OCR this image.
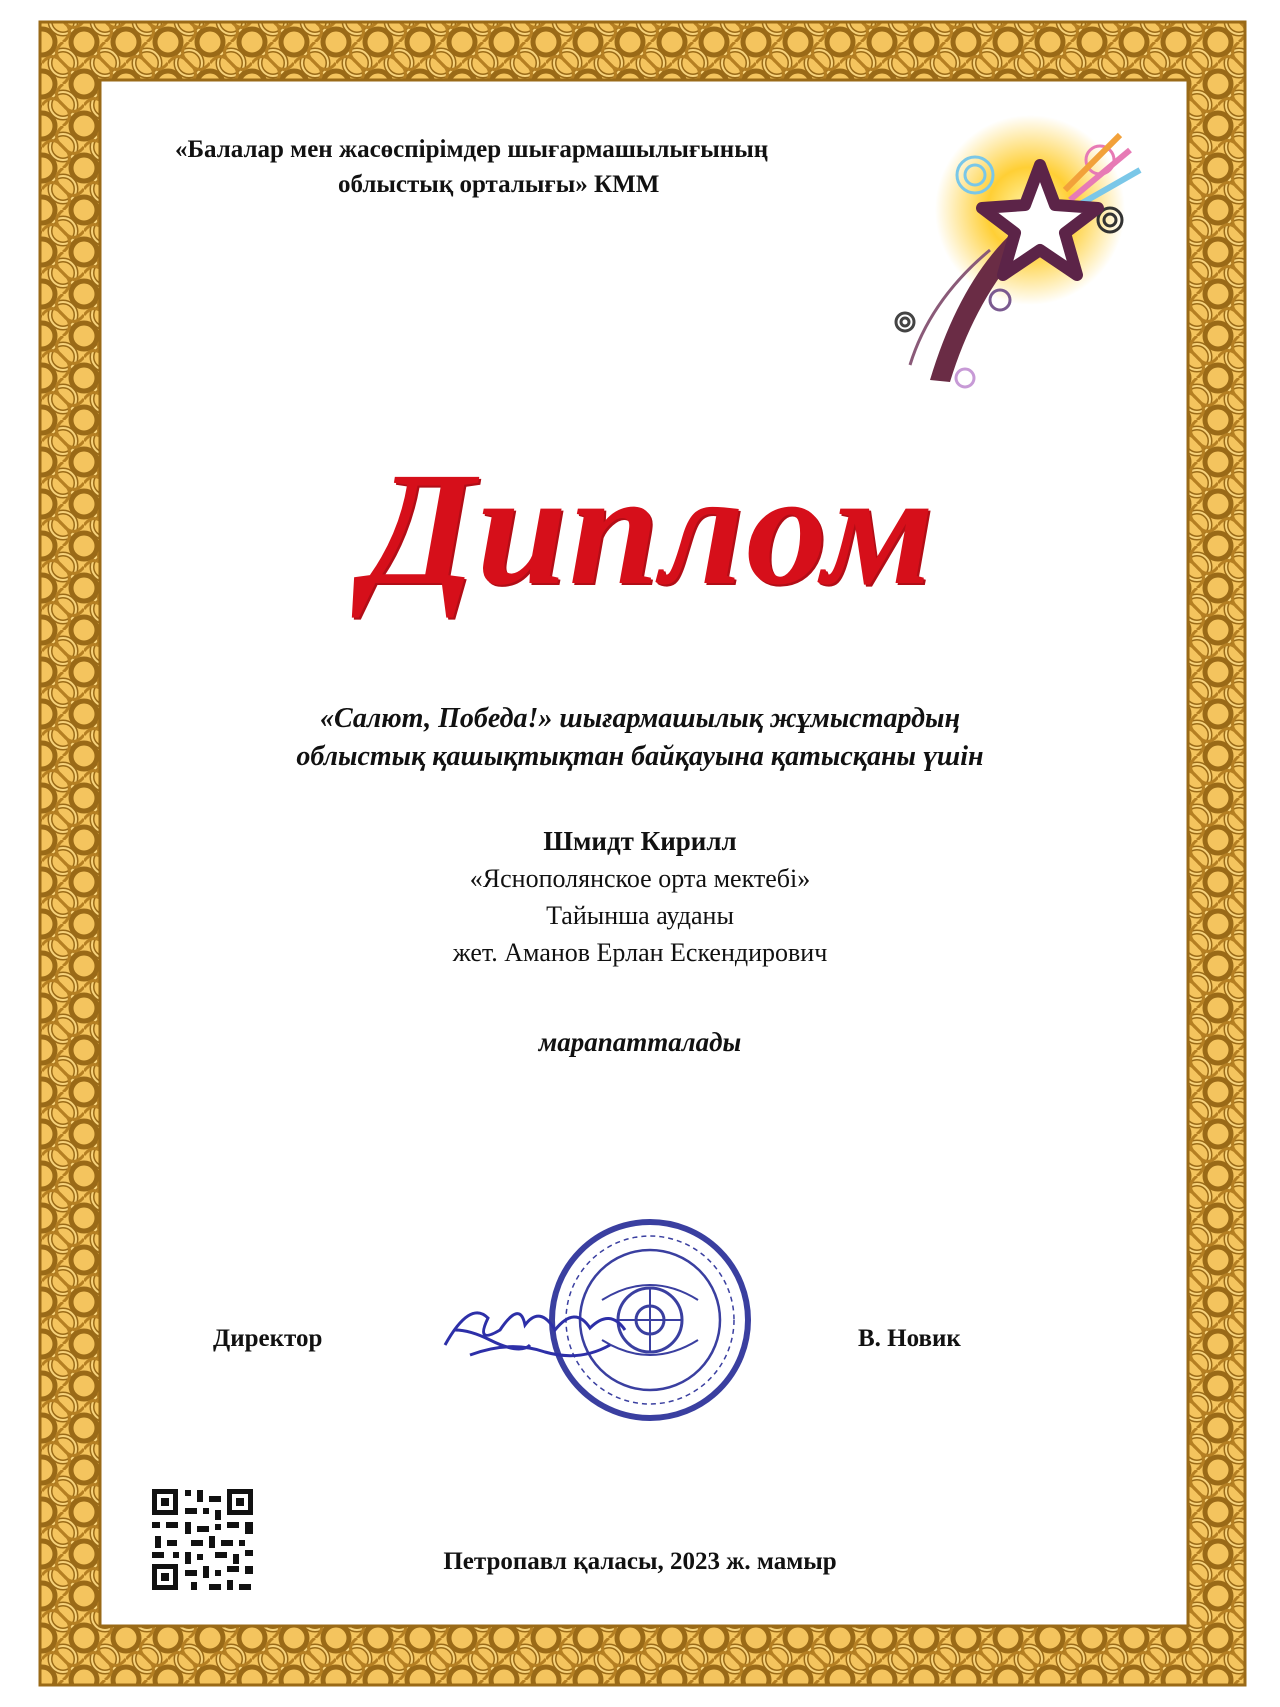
«Балалар мен жасөспірімдер шығармашылығының
облыстық орталығы» КММ
Диплом
«Салют, Победа!» шығармашылық жұмыстардың
облыстық қашықтықтан байқауына қатысқаны үшін
Шмидт Кирилл
«Яснополянское орта мектебі»
Тайынша ауданы
жет. Аманов Ерлан Ескендирович
марапатталады
Директор	В. Новик
Петропавл қаласы, 2023 ж. мамыр
